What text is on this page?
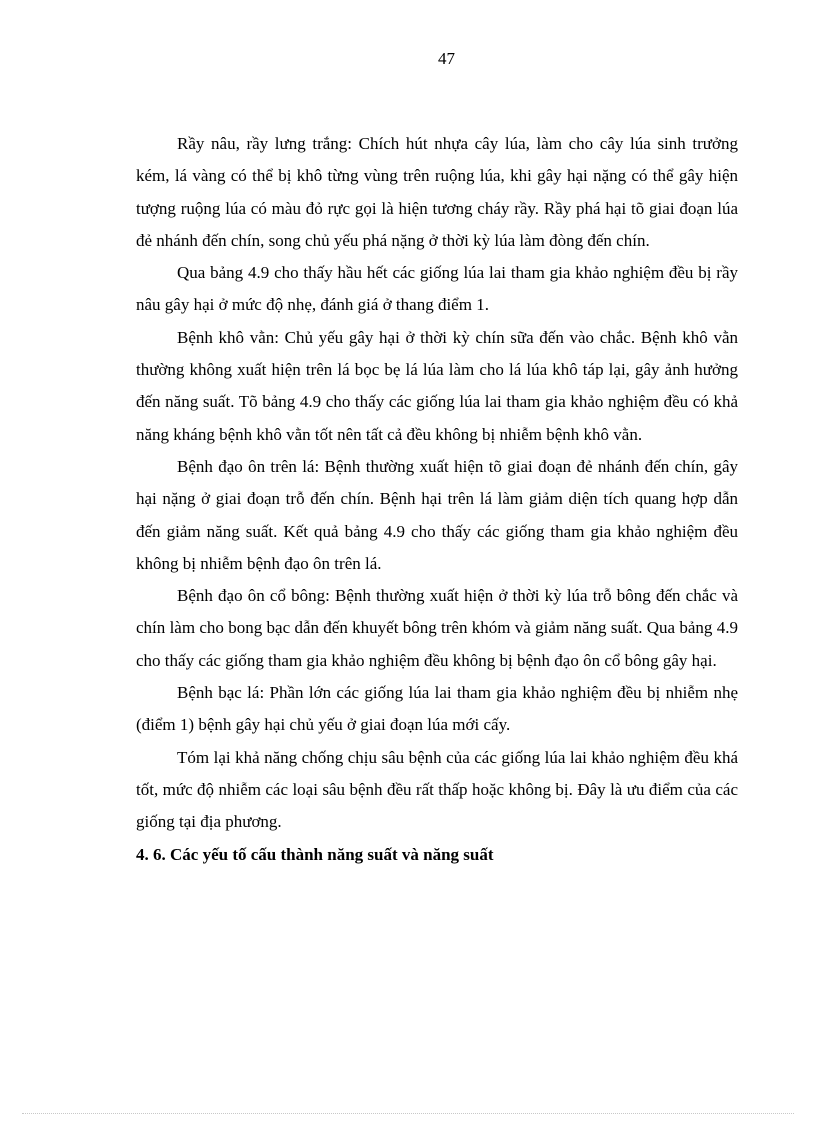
47

Rầy nâu, rầy lưng trắng: Chích hút nhựa cây lúa, làm cho cây lúa sinh trưởng kém, lá vàng có thể bị khô từng vùng trên ruộng lúa, khi gây hại nặng có thể gây hiện tượng ruộng lúa có màu đỏ rực gọi là hiện tương cháy rầy. Rầy phá hại tõ giai đoạn lúa đẻ nhánh đến chín, song chủ yếu phá nặng ở thời kỳ lúa làm đòng đến chín.

Qua bảng 4.9 cho thấy hầu hết các giống lúa lai tham gia khảo nghiệm đều bị rầy nâu gây hại ở mức độ nhẹ, đánh giá ở thang điểm 1.

Bệnh khô vằn: Chủ yếu gây hại ở thời kỳ chín sữa đến vào chắc. Bệnh khô vằn thường không xuất hiện trên lá bọc bẹ lá lúa làm cho lá lúa khô táp lại, gây ảnh hưởng đến năng suất. Tõ bảng 4.9 cho thấy các giống lúa lai tham gia khảo nghiệm đều có khả năng kháng bệnh khô vằn tốt nên tất cả đều không bị nhiễm bệnh khô vằn.

Bệnh đạo ôn trên lá: Bệnh thường xuất hiện tõ giai đoạn đẻ nhánh đến chín, gây hại nặng ở giai đoạn trỗ đến chín. Bệnh hại trên lá làm giảm diện tích quang hợp dẫn đến giảm năng suất. Kết quả bảng 4.9 cho thấy các giống tham gia khảo nghiệm đều không bị nhiễm bệnh đạo ôn trên lá.

Bệnh đạo ôn cổ bông: Bệnh thường xuất hiện ở thời kỳ lúa trỗ bông đến chắc và chín làm cho bong bạc dẫn đến khuyết bông trên khóm và giảm năng suất. Qua bảng 4.9 cho thấy các giống tham gia khảo nghiệm đều không bị bệnh đạo ôn cổ bông gây hại.

Bệnh bạc lá: Phần lớn các giống lúa lai tham gia khảo nghiệm đều bị nhiễm nhẹ (điểm 1) bệnh gây hại chủ yếu ở giai đoạn lúa mới cấy.

Tóm lại khả năng chống chịu sâu bệnh của các giống lúa lai khảo nghiệm đều khá tốt, mức độ nhiễm các loại sâu bệnh đều rất thấp hoặc không bị. Đây là ưu điểm của các giống tại địa phương.

4. 6. Các yếu tố cấu thành năng suất và năng suất
